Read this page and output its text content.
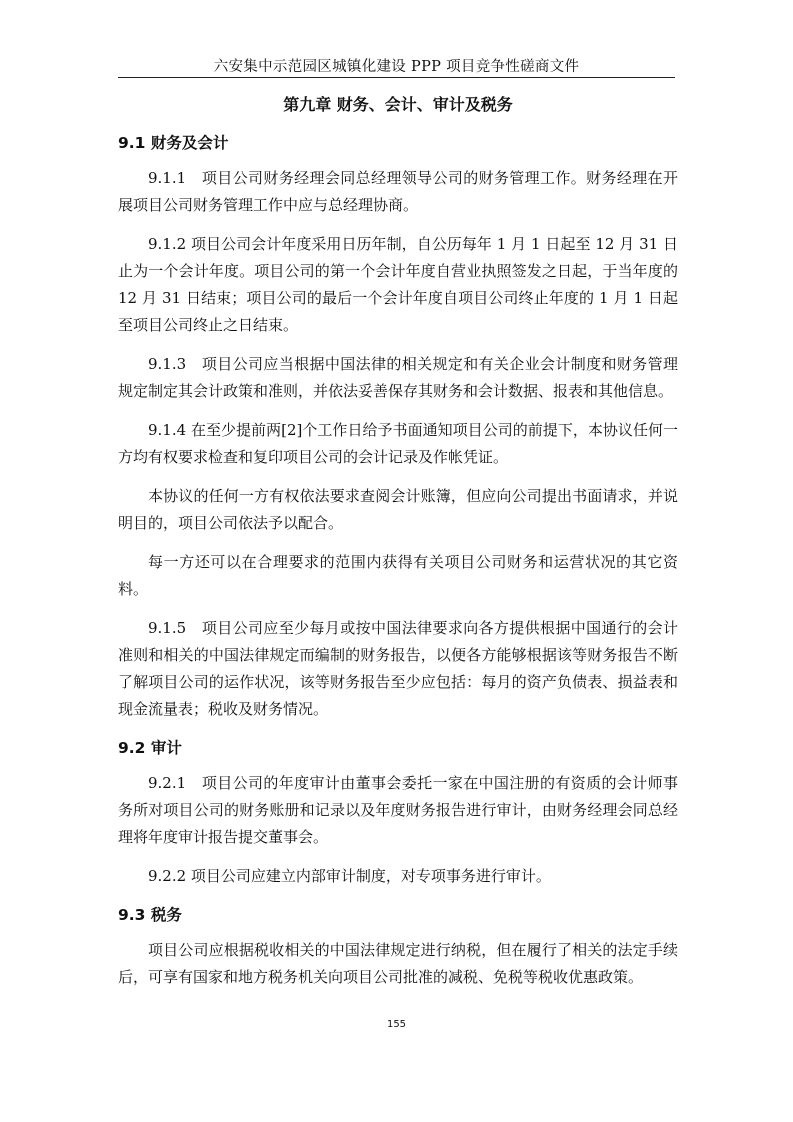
六安集中示范园区城镇化建设 PPP 项目竞争性磋商文件
第九章 财务、会计、审计及税务
9.1 财务及会计

9.1.1　项目公司财务经理会同总经理领导公司的财务管理工作。财务经理在开展项目公司财务管理工作中应与总经理协商。

9.1.2 项目公司会计年度采用日历年制，自公历每年 1 月 1 日起至 12 月 31 日止为一个会计年度。项目公司的第一个会计年度自营业执照签发之日起，于当年度的 12 月 31 日结束；项目公司的最后一个会计年度自项目公司终止年度的 1 月 1 日起至项目公司终止之日结束。

9.1.3　项目公司应当根据中国法律的相关规定和有关企业会计制度和财务管理规定制定其会计政策和准则，并依法妥善保存其财务和会计数据、报表和其他信息。

9.1.4 在至少提前两[2]个工作日给予书面通知项目公司的前提下，本协议任何一方均有权要求检查和复印项目公司的会计记录及作帐凭证。

本协议的任何一方有权依法要求查阅会计账簿，但应向公司提出书面请求，并说明目的，项目公司依法予以配合。

每一方还可以在合理要求的范围内获得有关项目公司财务和运营状况的其它资料。

9.1.5　项目公司应至少每月或按中国法律要求向各方提供根据中国通行的会计准则和相关的中国法律规定而编制的财务报告，以便各方能够根据该等财务报告不断了解项目公司的运作状况，该等财务报告至少应包括：每月的资产负债表、损益表和现金流量表；税收及财务情况。

9.2 审计

9.2.1　项目公司的年度审计由董事会委托一家在中国注册的有资质的会计师事务所对项目公司的财务账册和记录以及年度财务报告进行审计，由财务经理会同总经理将年度审计报告提交董事会。

9.2.2 项目公司应建立内部审计制度，对专项事务进行审计。

9.3 税务

项目公司应根据税收相关的中国法律规定进行纳税，但在履行了相关的法定手续后，可享有国家和地方税务机关向项目公司批准的减税、免税等税收优惠政策。

155
